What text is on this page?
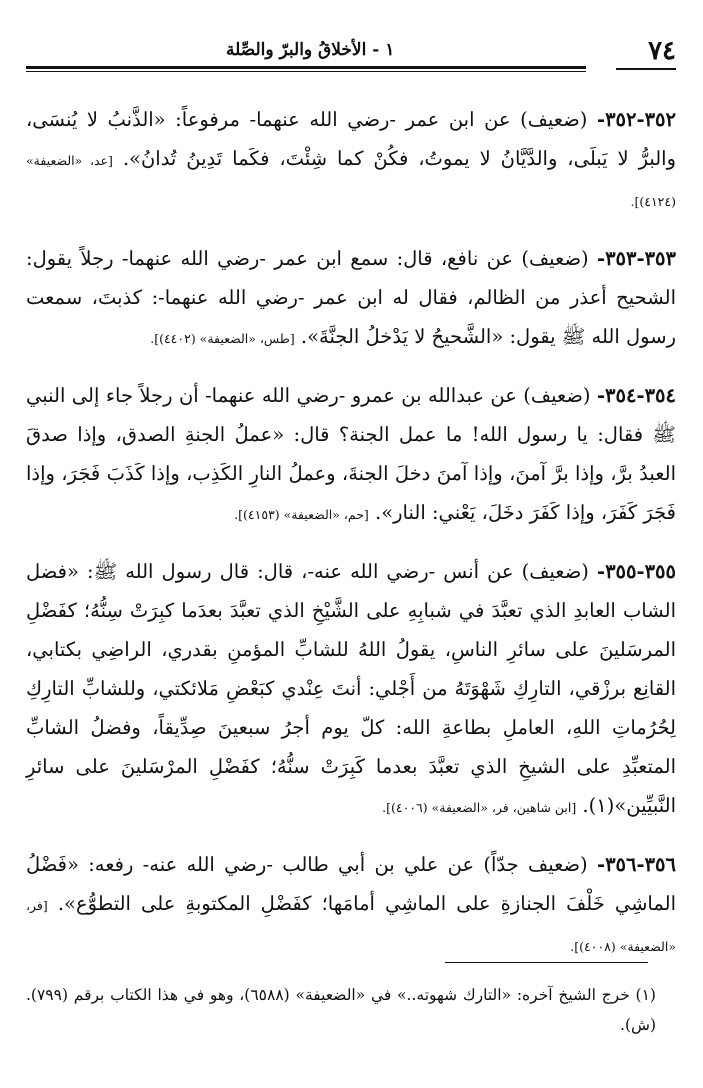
٧٤
١ - الأخلاقُ والبرّ والصِّلة
٣٥٢-٣٥٢- (ضعيف) عن ابن عمر -رضي الله عنهما- مرفوعاً: «الذَّنبُ لا يُنسَى، والبرُّ لا يَبلَى، والدَّيَّانُ لا يموتُ، فكُنْ كما شِئْتَ، فكَما تَدِينُ تُدانُ». [عد، «الضعيفة» (٤١٢٤)].
٣٥٣-٣٥٣- (ضعيف) عن نافع، قال: سمع ابن عمر -رضي الله عنهما- رجلاً يقول: الشحيح أعذر من الظالم، فقال له ابن عمر -رضي الله عنهما-: كذبتَ، سمعت رسول الله ﷺ يقول: «الشَّحيحُ لا يَدْخلُ الجنَّةَ». [طس، «الضعيفة» (٤٤٠٢)].
٣٥٤-٣٥٤- (ضعيف) عن عبدالله بن عمرو -رضي الله عنهما- أن رجلاً جاء إلى النبي ﷺ فقال: يا رسول الله! ما عمل الجنة؟ قال: «عملُ الجنةِ الصدق، وإذا صدقَ العبدُ برَّ، وإذا برَّ آمنَ، وإذا آمنَ دخلَ الجنةَ، وعملُ النارِ الكَذِب، وإذا كَذَبَ فَجَرَ، وإذا فَجَرَ كَفَرَ، وإذا كَفَرَ دخَلَ، يَعْني: النار». [حم، «الضعيفة» (٤١٥٣)].
٣٥٥-٣٥٥- (ضعيف) عن أنس -رضي الله عنه-، قال: قال رسول الله ﷺ: «فضل الشاب العابدِ الذي تعبَّدَ في شبابِهِ على الشَّيْخِ الذي تعبَّدَ بعدَما كبِرَتْ سِنُّهُ؛ كفَضْلِ المرسَلينَ على سائرِ الناسِ، يقولُ اللهُ للشابِّ المؤمنِ بقدري، الراضِي بكتابي، القانِع برزْقي، التارِكِ شَهْوَتَهُ من أَجْلي: أنتَ عِنْدي كبَعْضِ مَلائكتي، وللشابِّ التارِكِ لِحُرُماتِ اللهِ، العاملِ بطاعةِ الله: كلّ يوم أجرُ سبعينَ صِدِّيقاً، وفضلُ الشابِّ المتعبِّدِ على الشيخِ الذي تعبَّدَ بعدما كَبِرَتْ سنُّهُ؛ كفَضْلِ المرْسَلينَ على سائرِ النَّبيِّين»(١). [ابن شاهين، فر، «الضعيفة» (٤٠٠٦)].
٣٥٦-٣٥٦- (ضعيف جدّاً) عن علي بن أبي طالب -رضي الله عنه- رفعه: «فَضْلُ الماشِي خَلْفَ الجنازةِ على الماشِي أمامَها؛ كفَضْلِ المكتوبةِ على التطوُّع». [فر، «الضعيفة» (٤٠٠٨)].
(١) خرج الشيخ آخره: «التارك شهوته..» في «الضعيفة» (٦٥٨٨)، وهو في هذا الكتاب برقم (٧٩٩). (ش).
